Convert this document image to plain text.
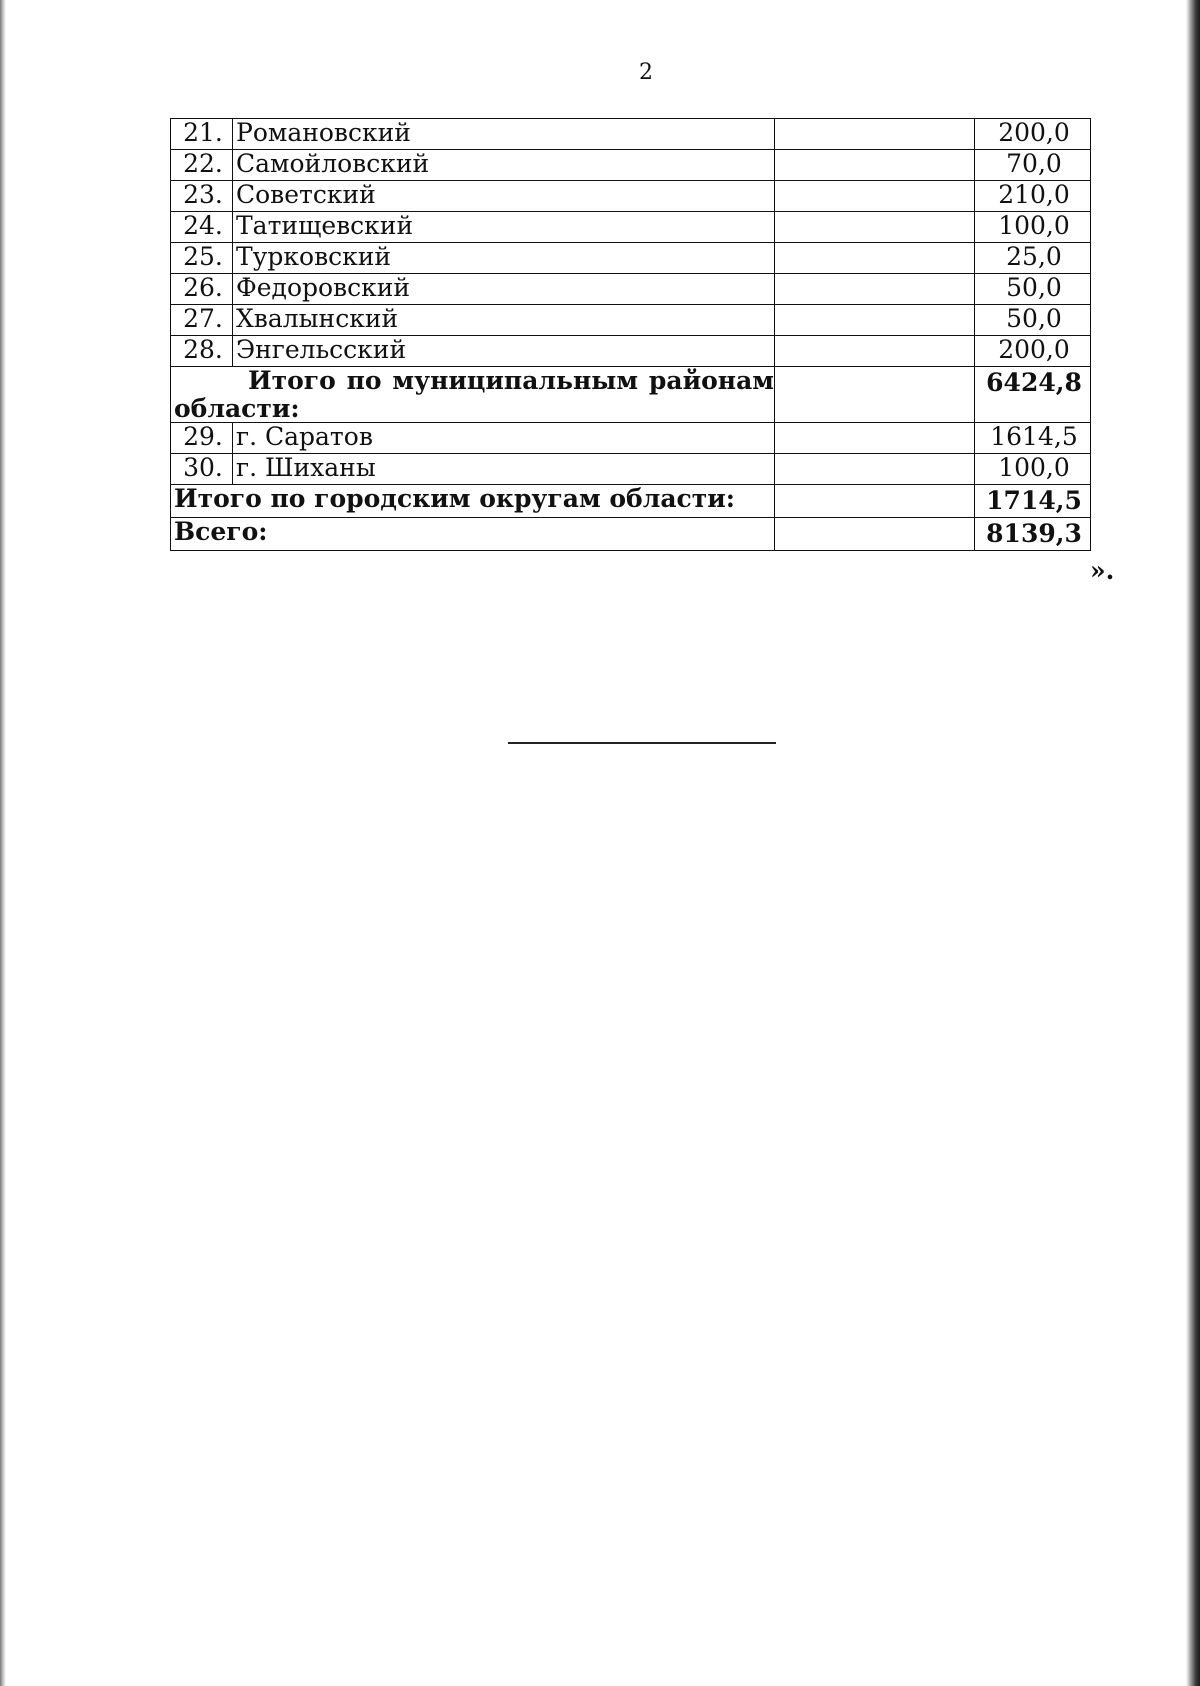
2
21.	Романовский		200,0
22.	Самойловский		70,0
23.	Советский		210,0
24.	Татищевский		100,0
25.	Турковский		25,0
26.	Федоровский		50,0
27.	Хвалынский		50,0
28.	Энгельсский		200,0
Итого по муниципальным районам области:			6424,8
29.	г. Саратов		1614,5
30.	г. Шиханы		100,0
Итого по городским округам области:			1714,5
Всего:			8139,3
».
